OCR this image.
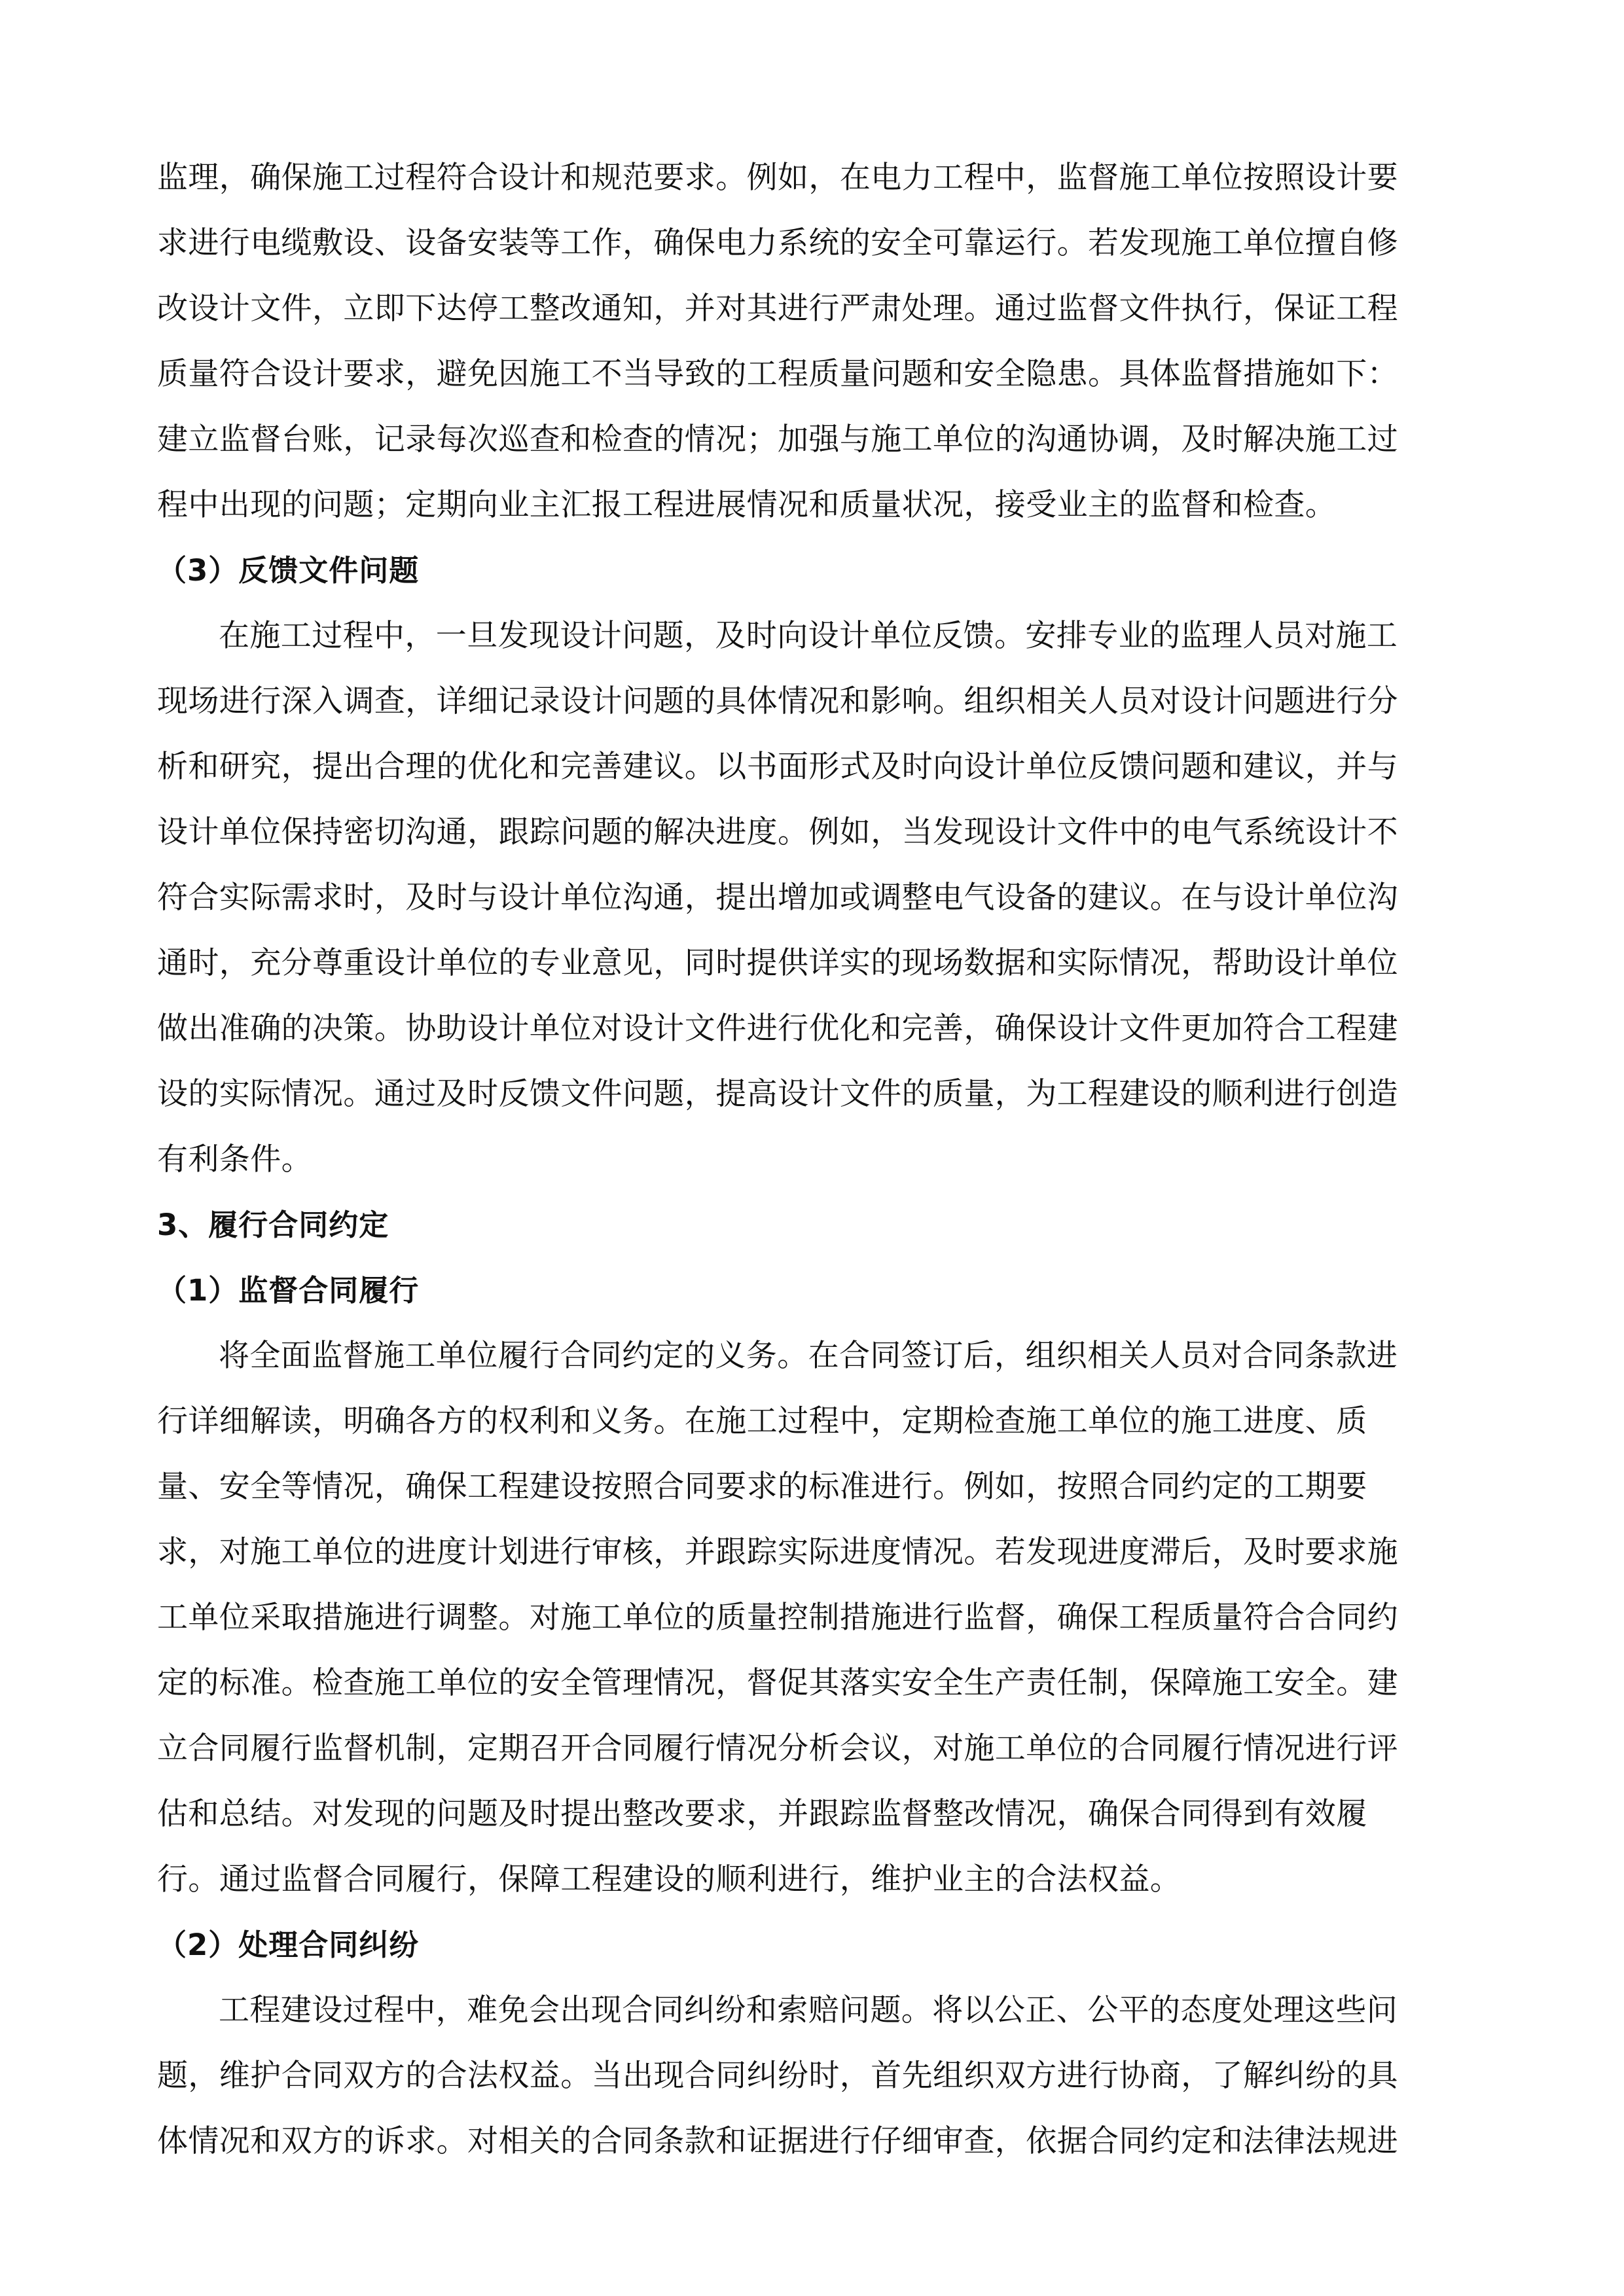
监理，确保施工过程符合设计和规范要求。例如，在电力工程中，监督施工单位按照设计要
求进行电缆敷设、设备安装等工作，确保电力系统的安全可靠运行。若发现施工单位擅自修
改设计文件，立即下达停工整改通知，并对其进行严肃处理。通过监督文件执行，保证工程
质量符合设计要求，避免因施工不当导致的工程质量问题和安全隐患。具体监督措施如下：
建立监督台账，记录每次巡查和检查的情况；加强与施工单位的沟通协调，及时解决施工过
程中出现的问题；定期向业主汇报工程进展情况和质量状况，接受业主的监督和检查。
（3）反馈文件问题
在施工过程中，一旦发现设计问题，及时向设计单位反馈。安排专业的监理人员对施工
现场进行深入调查，详细记录设计问题的具体情况和影响。组织相关人员对设计问题进行分
析和研究，提出合理的优化和完善建议。以书面形式及时向设计单位反馈问题和建议，并与
设计单位保持密切沟通，跟踪问题的解决进度。例如，当发现设计文件中的电气系统设计不
符合实际需求时，及时与设计单位沟通，提出增加或调整电气设备的建议。在与设计单位沟
通时，充分尊重设计单位的专业意见，同时提供详实的现场数据和实际情况，帮助设计单位
做出准确的决策。协助设计单位对设计文件进行优化和完善，确保设计文件更加符合工程建
设的实际情况。通过及时反馈文件问题，提高设计文件的质量，为工程建设的顺利进行创造
有利条件。
3、履行合同约定
（1）监督合同履行
将全面监督施工单位履行合同约定的义务。在合同签订后，组织相关人员对合同条款进
行详细解读，明确各方的权利和义务。在施工过程中，定期检查施工单位的施工进度、质
量、安全等情况，确保工程建设按照合同要求的标准进行。例如，按照合同约定的工期要
求，对施工单位的进度计划进行审核，并跟踪实际进度情况。若发现进度滞后，及时要求施
工单位采取措施进行调整。对施工单位的质量控制措施进行监督，确保工程质量符合合同约
定的标准。检查施工单位的安全管理情况，督促其落实安全生产责任制，保障施工安全。建
立合同履行监督机制，定期召开合同履行情况分析会议，对施工单位的合同履行情况进行评
估和总结。对发现的问题及时提出整改要求，并跟踪监督整改情况，确保合同得到有效履
行。通过监督合同履行，保障工程建设的顺利进行，维护业主的合法权益。
（2）处理合同纠纷
工程建设过程中，难免会出现合同纠纷和索赔问题。将以公正、公平的态度处理这些问
题，维护合同双方的合法权益。当出现合同纠纷时，首先组织双方进行协商，了解纠纷的具
体情况和双方的诉求。对相关的合同条款和证据进行仔细审查，依据合同约定和法律法规进
